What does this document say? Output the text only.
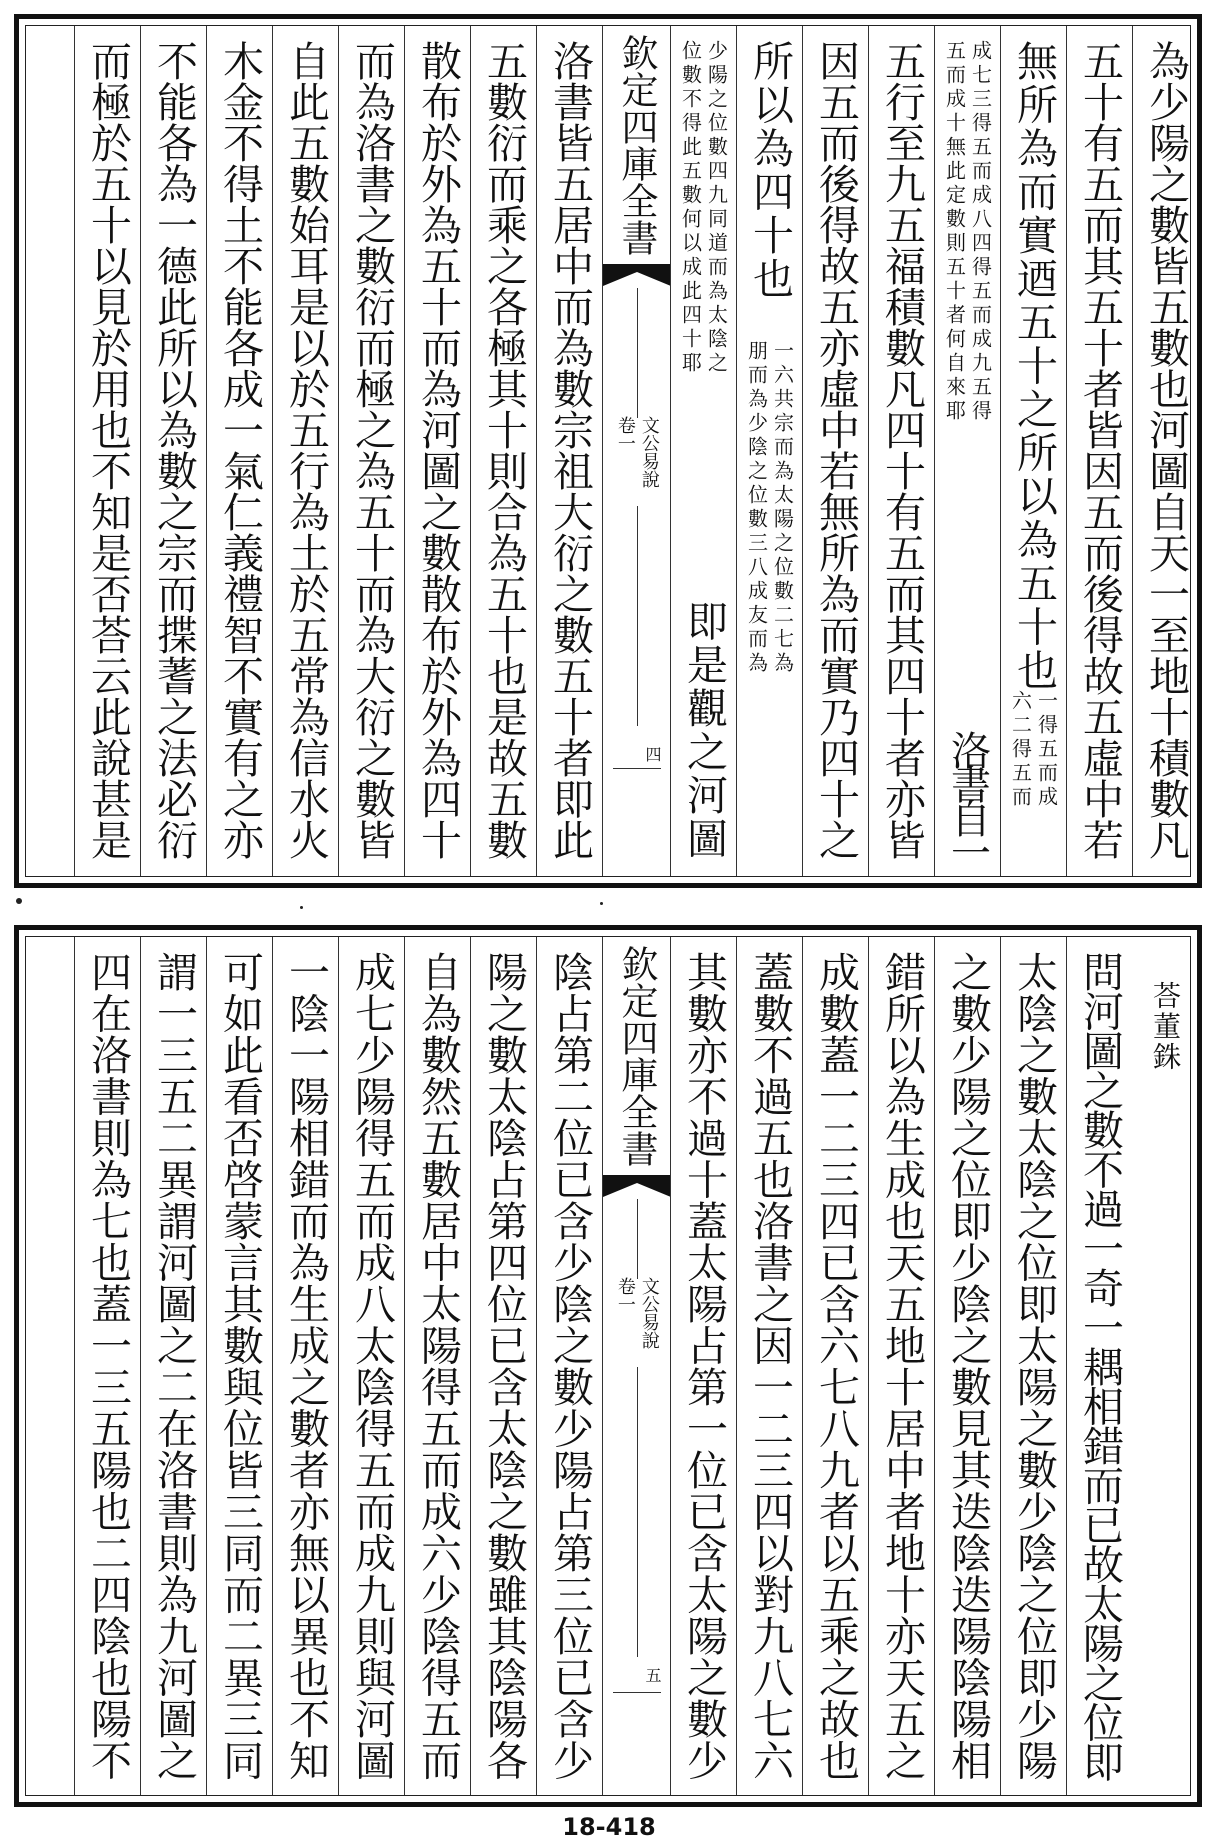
為少陽之數皆五數也河圖自天一至地十積數凡
五十有五而其五十者皆因五而後得故五虛中若
無所為而實迺五十之所以為五十也
一得五而成
六二得五而
成七三得五而成八四得五而成九五得
五而成十無此定數則五十者何自來耶
洛書自一
五行至九五福積數凡四十有五而其四十者亦皆
因五而後得故五亦虛中若無所為而實乃四十之
所以為四十也
一六共宗而為太陽之位數二七為
朋而為少陰之位數三八成友而為
少陽之位數四九同道而為太陰之
位數不得此五數何以成此四十耶
即是觀之河圖
欽定四庫全書
文公易說
卷一
四
洛書皆五居中而為數宗祖大衍之數五十者即此
五數衍而乘之各極其十則合為五十也是故五數
散布於外為五十而為河圖之數散布於外為四十
而為洛書之數衍而極之為五十而為大衍之數皆
自此五數始耳是以於五行為土於五常為信水火
木金不得土不能各成一氣仁義禮智不實有之亦
不能各為一德此所以為數之宗而揲蓍之法必衍
而極於五十以見於用也不知是否荅云此說甚是
荅董銖
問河圖之數不過一奇一耦相錯而已故太陽之位即
太陰之數太陰之位即太陽之數少陰之位即少陽
之數少陽之位即少陰之數見其迭陰迭陽陰陽相
錯所以為生成也天五地十居中者地十亦天五之
成數蓋一二三四已含六七八九者以五乘之故也
蓋數不過五也洛書之因一二三四以對九八七六
其數亦不過十蓋太陽占第一位已含太陽之數少
欽定四庫全書
文公易說
卷一
五
陰占第二位已含少陰之數少陽占第三位已含少
陽之數太陰占第四位已含太陰之數雖其陰陽各
自為數然五數居中太陽得五而成六少陰得五而
成七少陽得五而成八太陰得五而成九則與河圖
一陰一陽相錯而為生成之數者亦無以異也不知
可如此看否啓蒙言其數與位皆三同而二異三同
謂一三五二異謂河圖之二在洛書則為九河圖之
四在洛書則為七也蓋一三五陽也二四陰也陽不
18-418
